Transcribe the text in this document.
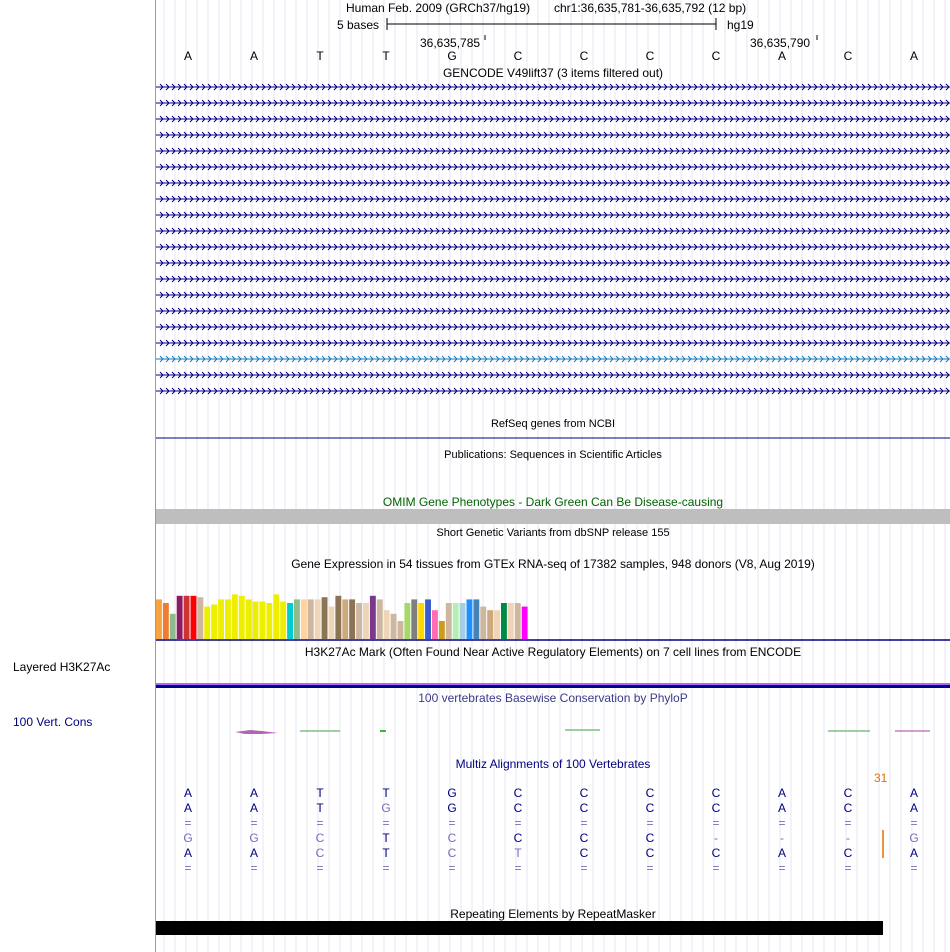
Layered H3K27Ac
100 Vert. Cons
Human Feb. 2009 (GRCh37/hg19) chr1:36,635,781-36,635,792 (12 bp)
5 bases	hg19
36,635,785	36,635,790
A	A	T	T	G	C	C	C	C	A	C	A
GENCODE V49lift37 (3 items filtered out)
RefSeq genes from NCBI
Publications: Sequences in Scientific Articles
OMIM Gene Phenotypes - Dark Green Can Be Disease-causing
Short Genetic Variants from dbSNP release 155
Gene Expression in 54 tissues from GTEx RNA-seq of 17382 samples, 948 donors (V8, Aug 2019)
H3K27Ac Mark (Often Found Near Active Regulatory Elements) on 7 cell lines from ENCODE
100 vertebrates Basewise Conservation by PhyloP
Multiz Alignments of 100 Vertebrates
31
A	A	T	T	G	C	C	C	C	A	C	A
A	A	T	G	G	C	C	C	C	A	C	A
=	=	=	=	=	=	=	=	=	=	=	=
G	G	C	T	C	C	C	C	-	-	-	G
A	A	C	T	C	T	C	C	C	A	C	A
=	=	=	=	=	=	=	=	=	=	=	=
Repeating Elements by RepeatMasker
